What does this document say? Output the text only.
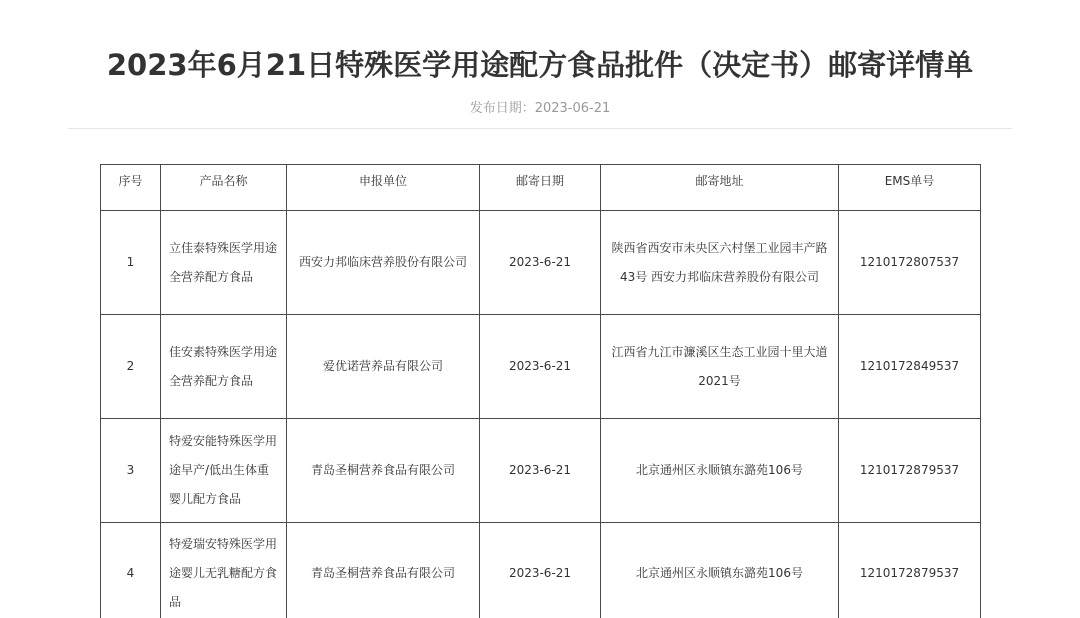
2023年6月21日特殊医学用途配方食品批件（决定书）邮寄详情单
发布日期：2023-06-21
序号	产品名称	申报单位	邮寄日期	邮寄地址	EMS单号
1	立佳泰特殊医学用途全营养配方食品	西安力邦临床营养股份有限公司	2023-6-21	陕西省西安市未央区六村堡工业园丰产路43号 西安力邦临床营养股份有限公司	1210172807537
2	佳安素特殊医学用途全营养配方食品	爱优诺营养品有限公司	2023-6-21	江西省九江市濂溪区生态工业园十里大道2021号	1210172849537
3	特爱安能特殊医学用途早产/低出生体重婴儿配方食品	青岛圣桐营养食品有限公司	2023-6-21	北京通州区永顺镇东潞苑106号	1210172879537
4	特爱瑞安特殊医学用途婴儿无乳糖配方食品	青岛圣桐营养食品有限公司	2023-6-21	北京通州区永顺镇东潞苑106号	1210172879537
